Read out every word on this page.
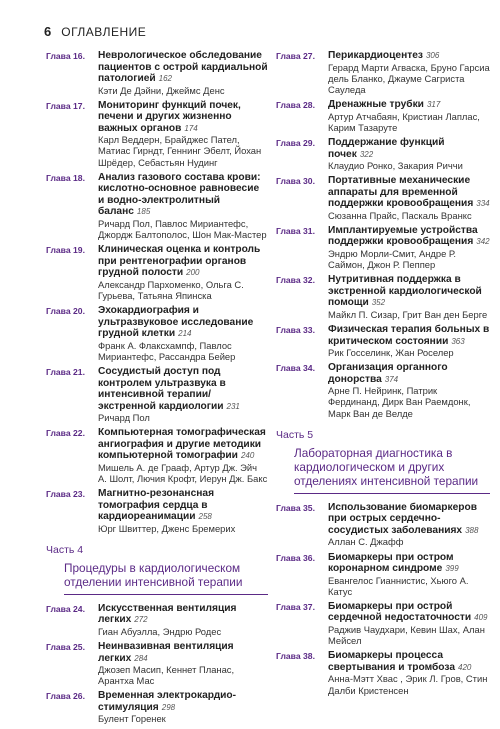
6 ОГЛАВЛЕНИЕ
Глава 16.	Неврологическое обследование пациентов с острой кардиальной патологией 162
Кэти Де Дэйни, Джеймс Денс
Глава 17.	Мониторинг функций почек, печени и других жизненно важных органов 174
Карл Веддерн, Брайджес Пател, Матиас Гирндт, Геннинг Эбелт, Йохан Шрёдер, Себастьян Нудинг
Глава 18.	Анализ газового состава крови: кислотно-основное равновесие и водно-электролитный баланс 185
Ричард Пол, Павлос Мириантефс, Джордж Балтополос, Шон Мак-Мастер
Глава 19.	Клиническая оценка и контроль при рентгенографии органов грудной полости 200
Александр Пархоменко, Ольга С. Гурьева, Татьяна Япинска
Глава 20.	Эхокардиография и ультразвуковое исследование грудной клетки 214
Франк А. Флаксхампф, Павлос Мириантефс, Рассандра Бейер
Глава 21.	Сосудистый доступ под контролем ультразвука в интенсивной терапии/экстренной кардиологии 231
Ричард Пол
Глава 22.	Компьютерная томографическая ангиография и другие методики компьютерной томографии 240
Мишель А. де Грааф, Артур Дж. Эйч А. Шолт, Лючия Крофт, Иерун Дж. Бакс
Глава 23.	Магнитно-резонансная томография сердца в кардиореанимации 258
Юрг Швиттер, Дженс Бремерих
Часть 4
Процедуры в кардиологическом отделении интенсивной терапии
Глава 24.	Искусственная вентиляция легких 272
Гиан Абуэлла, Эндрю Родес
Глава 25.	Неинвазивная вентиляция легких 284
Джозеп Масип, Кеннет Планас, Арантха Мас
Глава 26.	Временная электрокардио-стимуляция 298
Булент Горенек
Глава 27.	Перикардиоцентез 306
Герард Марти Агваска, Бруно Гарсиа дель Бланко, Джауме Сагриста Сауледа
Глава 28.	Дренажные трубки 317
Артур Атчабаян, Кристиан Лаплас, Карим Тазаруте
Глава 29.	Поддержание функций почек 322
Клаудио Ронко, Закария Риччи
Глава 30.	Портативные механические аппараты для временной поддержки кровообращения 334
Сюзанна Прайс, Паскаль Вранкс
Глава 31.	Имплантируемые устройства поддержки кровообращения 342
Эндрю Морли-Смит, Андре Р. Саймон, Джон Р. Пеппер
Глава 32.	Нутритивная поддержка в экстренной кардиологической помощи 352
Майкл П. Сизар, Грит Ван ден Берге
Глава 33.	Физическая терапия больных в критическом состоянии 363
Рик Госселинк, Жан Роселер
Глава 34.	Организация органного донорства 374
Арне П. Нейринк, Патрик Фердинанд, Дирк Ван Раемдонк, Марк Ван де Велде
Часть 5
Лабораторная диагностика в кардиологическом и других отделениях интенсивной терапии
Глава 35.	Использование биомаркеров при острых сердечно-сосудистых заболеваниях 388
Аллан С. Джафф
Глава 36.	Биомаркеры при остром коронарном синдроме 399
Евангелос Гианнистис, Хьюго А. Катус
Глава 37.	Биомаркеры при острой сердечной недостаточности 409
Раджив Чаудхари, Кевин Шах, Алан Мейсел
Глава 38.	Биомаркеры процесса свертывания и тромбоза 420
Анна-Мэтт Хвас , Эрик Л. Гров, Стин Далби Кристенсен
